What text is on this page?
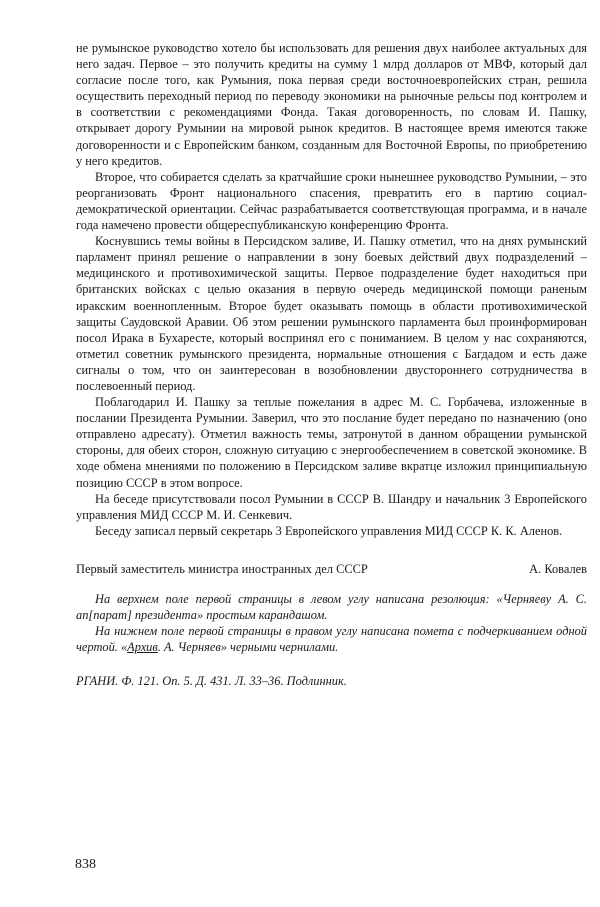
не румынское руководство хотело бы использовать для решения двух наиболее актуальных для него задач. Первое – это получить кредиты на сумму 1 млрд долларов от МВФ, который дал согласие после того, как Румыния, пока первая среди восточноевропейских стран, решила осуществить переходный период по переводу экономики на рыночные рельсы под контролем и в соответствии с рекомендациями Фонда. Такая договоренность, по словам И. Пашку, открывает дорогу Румынии на мировой рынок кредитов. В настоящее время имеются также договоренности и с Европейским банком, созданным для Восточной Европы, по приобретению у него кредитов.

Второе, что собирается сделать за кратчайшие сроки нынешнее руководство Румынии, – это реорганизовать Фронт национального спасения, превратить его в партию социал-демократической ориентации. Сейчас разрабатывается соответствующая программа, и в начале года намечено провести общереспубликанскую конференцию Фронта.

Коснувшись темы войны в Персидском заливе, И. Пашку отметил, что на днях румынский парламент принял решение о направлении в зону боевых действий двух подразделений – медицинского и противохимической защиты. Первое подразделение будет находиться при британских войсках с целью оказания в первую очередь медицинской помощи раненым иракским военнопленным. Второе будет оказывать помощь в области противохимической защиты Саудовской Аравии. Об этом решении румынского парламента был проинформирован посол Ирака в Бухаресте, который воспринял его с пониманием. В целом у нас сохраняются, отметил советник румынского президента, нормальные отношения с Багдадом и есть даже сигналы о том, что он заинтересован в возобновлении двустороннего сотрудничества в послевоенный период.

Поблагодарил И. Пашку за теплые пожелания в адрес М. С. Горбачева, изложенные в послании Президента Румынии. Заверил, что это послание будет передано по назначению (оно отправлено адресату). Отметил важность темы, затронутой в данном обращении румынской стороны, для обеих сторон, сложную ситуацию с энергообеспечением в советской экономике. В ходе обмена мнениями по положению в Персидском заливе вкратце изложил принципиальную позицию СССР в этом вопросе.

На беседе присутствовали посол Румынии в СССР В. Шандру и начальник 3 Европейского управления МИД СССР М. И. Сенкевич.

Беседу записал первый секретарь 3 Европейского управления МИД СССР К. К. Аленов.

Первый заместитель министра иностранных дел СССР	А. Ковалев

На верхнем поле первой страницы в левом углу написана резолюция: «Черняеву А. С. ап[парат] президента» простым карандашом.

На нижнем поле первой страницы в правом углу написана помета с подчеркиванием одной чертой. «Архив. А. Черняев» черными чернилами.

РГАНИ. Ф. 121. Оп. 5. Д. 431. Л. 33–36. Подлинник.
838
